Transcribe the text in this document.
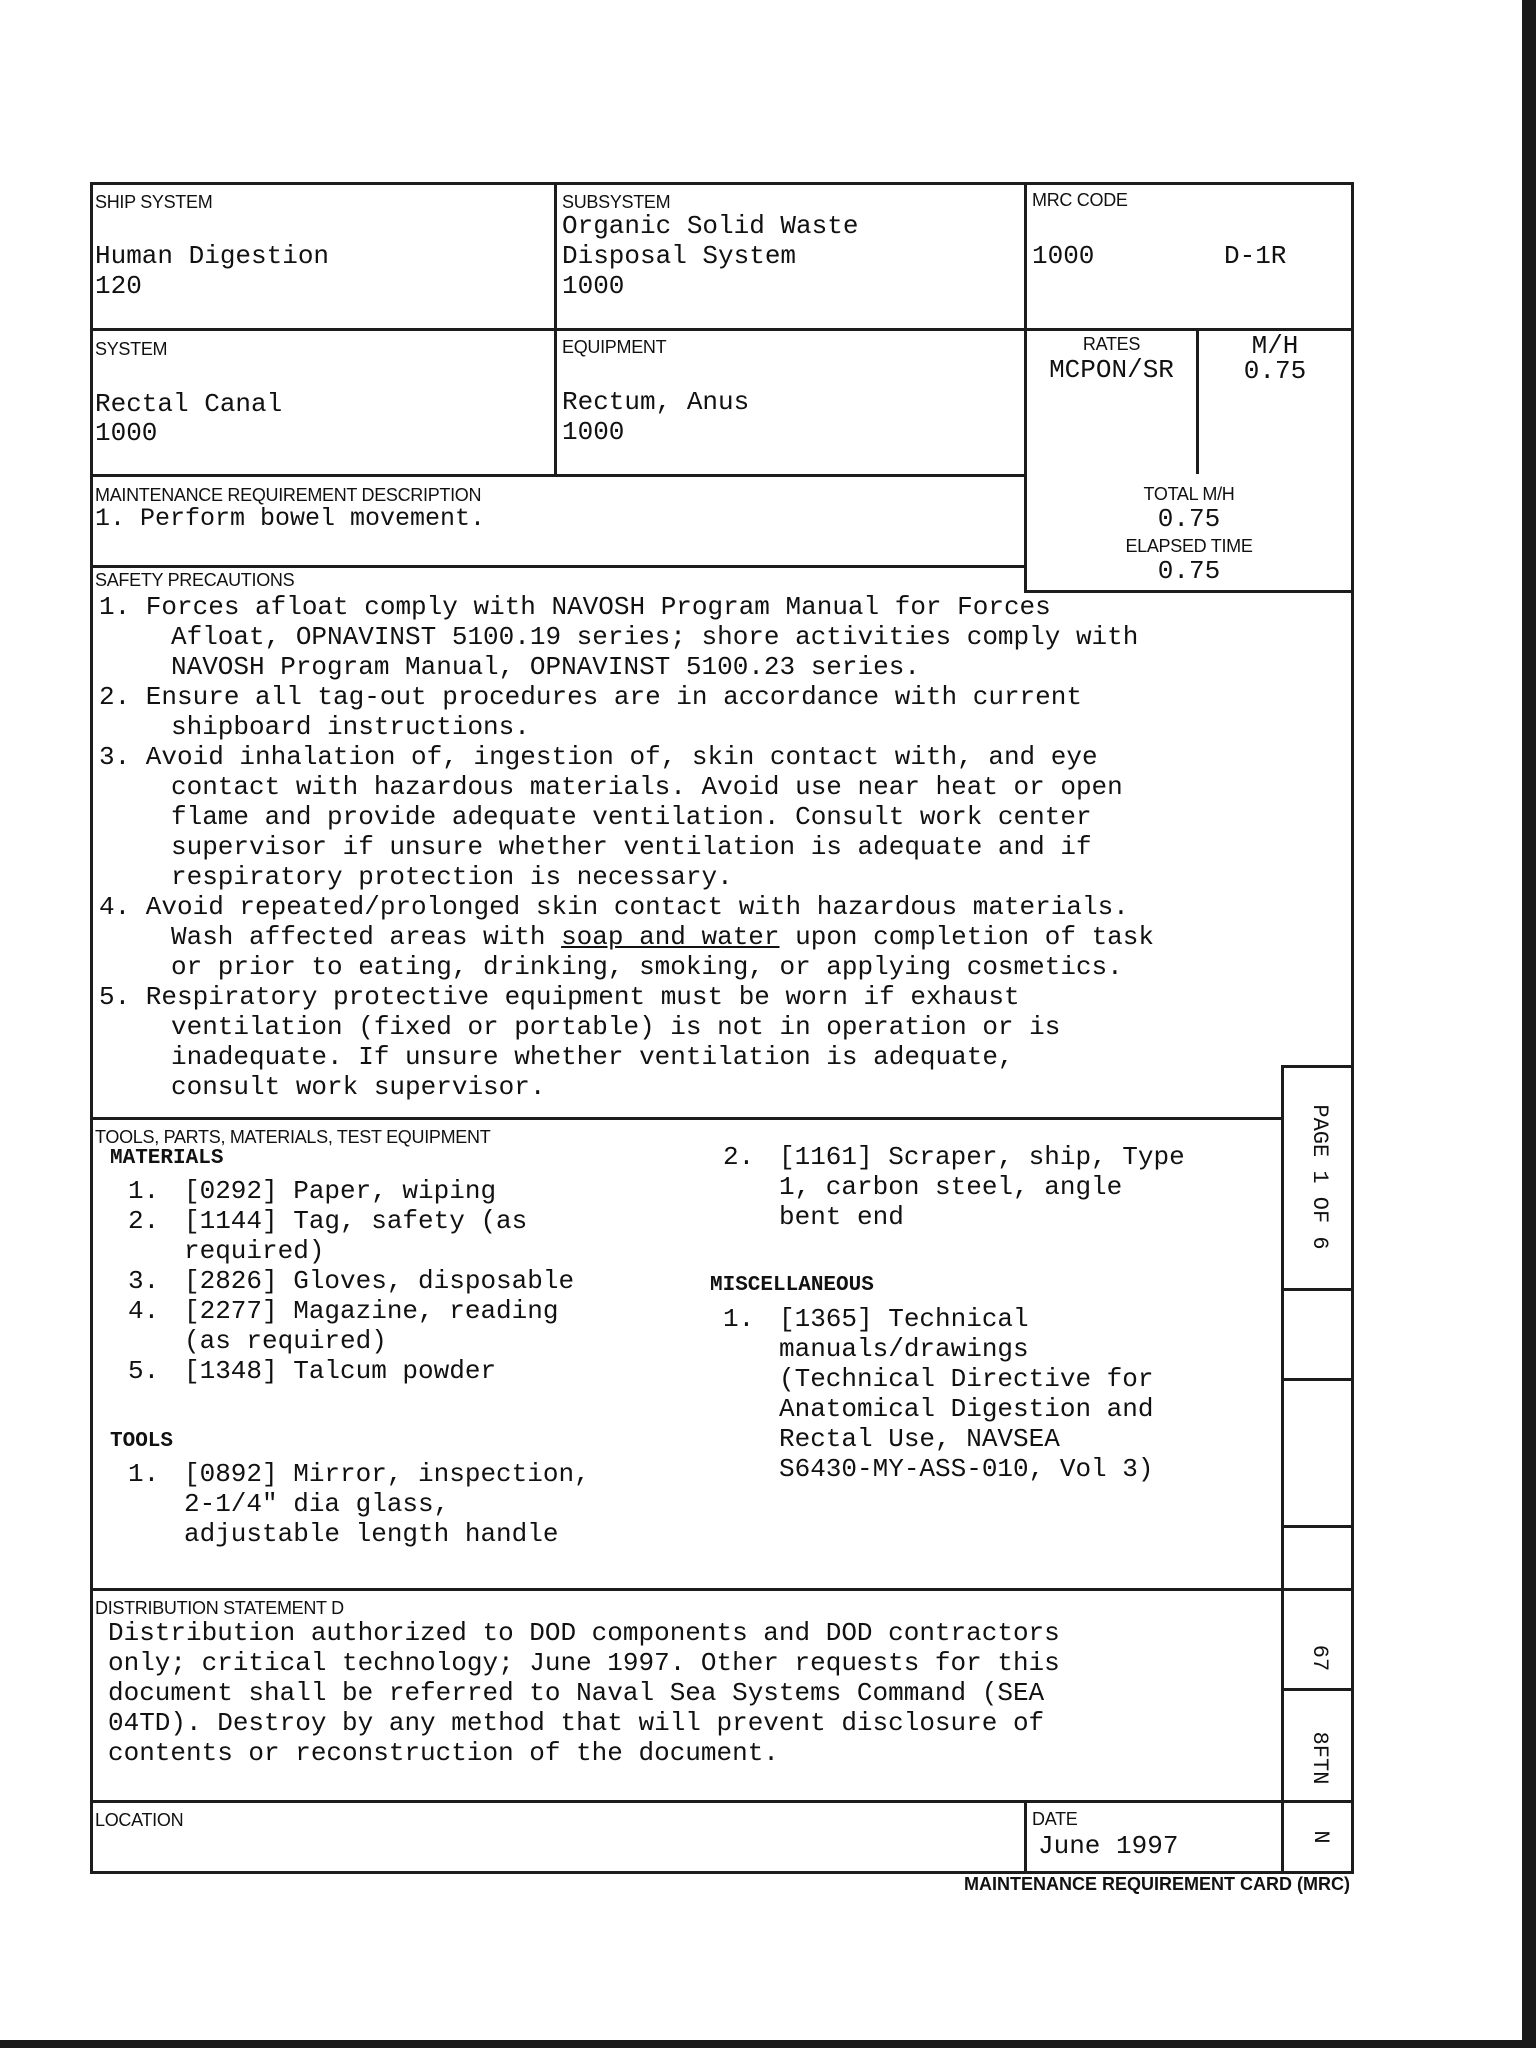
SHIP SYSTEM
Human Digestion
120
SUBSYSTEM
Organic Solid Waste
Disposal System
1000
MRC CODE
1000	D-1R
SYSTEM
Rectal Canal
1000
EQUIPMENT
Rectum, Anus
1000
RATES
MCPON/SR
M/H
0.75
TOTAL M/H
0.75
ELAPSED TIME
0.75
MAINTENANCE REQUIREMENT DESCRIPTION
1. Perform bowel movement.
SAFETY PRECAUTIONS
1. Forces afloat comply with NAVOSH Program Manual for Forces
Afloat, OPNAVINST 5100.19 series; shore activities comply with
NAVOSH Program Manual, OPNAVINST 5100.23 series.
2. Ensure all tag-out procedures are in accordance with current
shipboard instructions.
3. Avoid inhalation of, ingestion of, skin contact with, and eye
contact with hazardous materials. Avoid use near heat or open
flame and provide adequate ventilation. Consult work center
supervisor if unsure whether ventilation is adequate and if
respiratory protection is necessary.
4. Avoid repeated/prolonged skin contact with hazardous materials.
Wash affected areas with soap and water upon completion of task
or prior to eating, drinking, smoking, or applying cosmetics.
5. Respiratory protective equipment must be worn if exhaust
ventilation (fixed or portable) is not in operation or is
inadequate. If unsure whether ventilation is adequate,
consult work supervisor.
TOOLS, PARTS, MATERIALS, TEST EQUIPMENT
MATERIALS
1. [0292] Paper, wiping
2. [1144] Tag, safety (as
required)
3. [2826] Gloves, disposable
4. [2277] Magazine, reading
(as required)
5. [1348] Talcum powder
TOOLS
1. [0892] Mirror, inspection,
2-1/4" dia glass,
adjustable length handle
2. [1161] Scraper, ship, Type
1, carbon steel, angle
bent end
MISCELLANEOUS
1. [1365] Technical
manuals/drawings
(Technical Directive for
Anatomical Digestion and
Rectal Use, NAVSEA
S6430-MY-ASS-010, Vol 3)
DISTRIBUTION STATEMENT D
Distribution authorized to DOD components and DOD contractors
only; critical technology; June 1997. Other requests for this
document shall be referred to Naval Sea Systems Command (SEA
04TD). Destroy by any method that will prevent disclosure of
contents or reconstruction of the document.
LOCATION	DATE
June 1997
PAGE 1 OF 6
67
8FTN
N
MAINTENANCE REQUIREMENT CARD (MRC)
